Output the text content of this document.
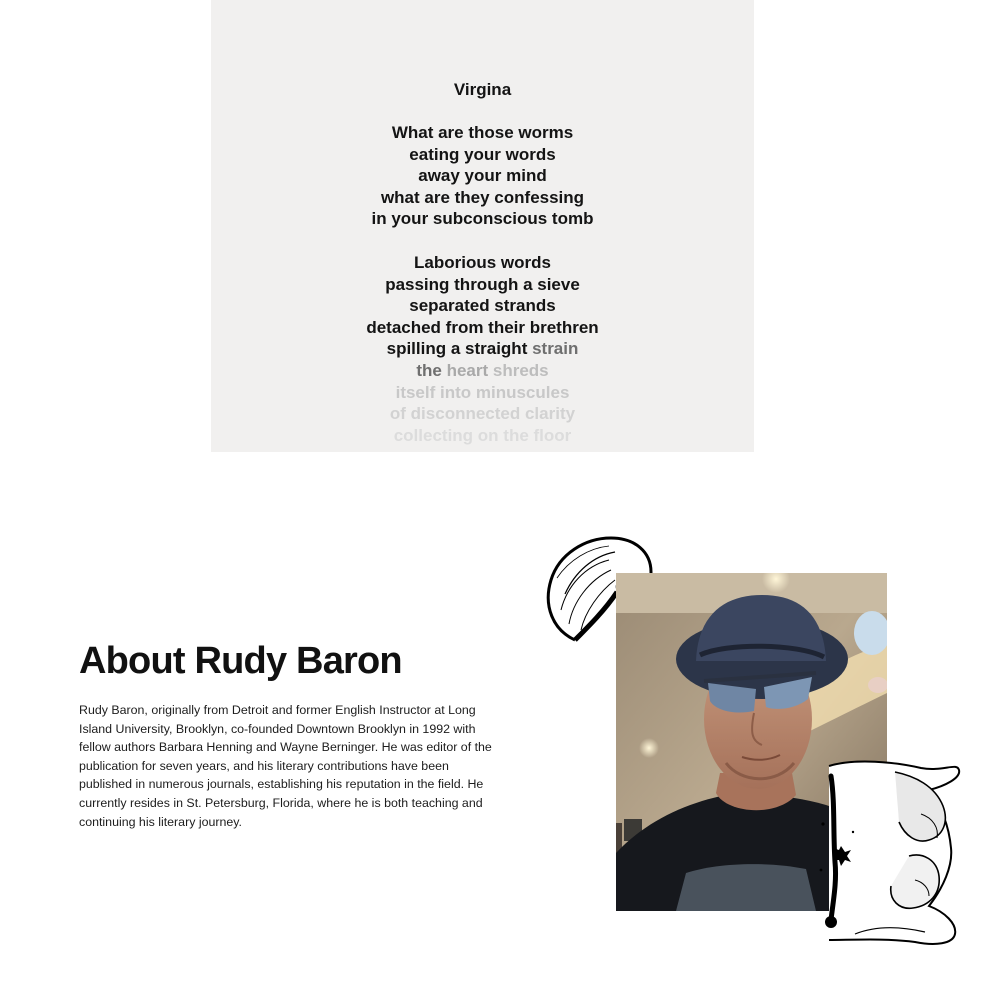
Virgina
What are those worms
eating your words
away your mind
what are they confessing
in your subconscious tomb
Laborious words
passing through a sieve
separated strands
detached from their brethren
spilling a straight strain
the heart shreds
itself into minuscules
of disconnected clarity
collecting on the floor
About Rudy Baron

Rudy Baron, originally from Detroit and former English Instructor at Long Island University, Brooklyn, co-founded Downtown Brooklyn in 1992 with fellow authors Barbara Henning and Wayne Berninger. He was editor of the publication for seven years, and his literary contributions have been published in numerous journals, establishing his reputation in the field. He currently resides in St. Petersburg, Florida, where he is both teaching and continuing his literary journey.
